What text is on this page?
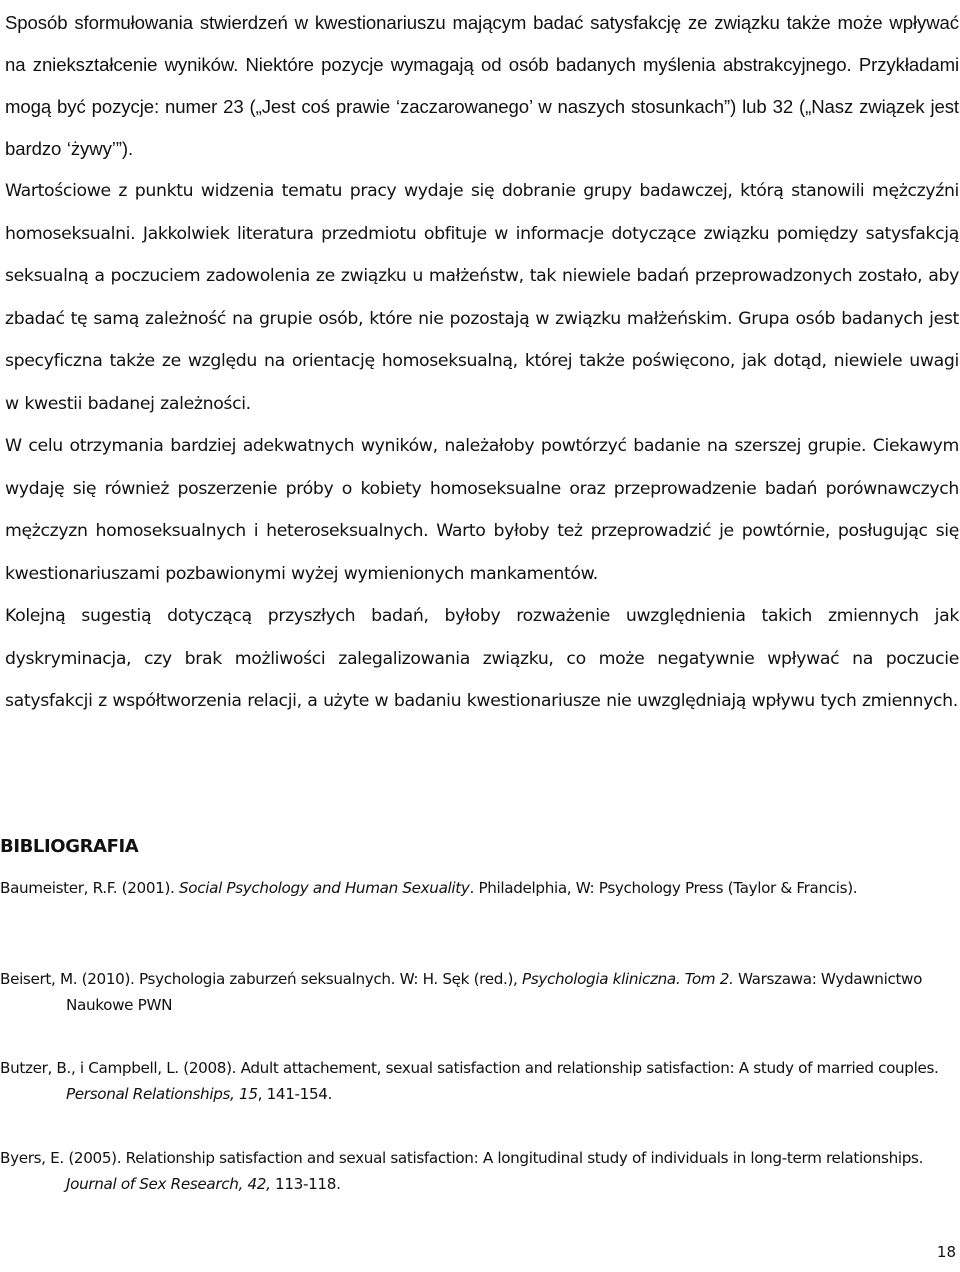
Sposób sformułowania stwierdzeń w kwestionariuszu mającym badać satysfakcję ze związku także może wpływać na zniekształcenie wyników. Niektóre pozycje wymagają od osób badanych myślenia abstrakcyjnego. Przykładami mogą być pozycje: numer 23 („Jest coś prawie ‘zaczarowanego’ w naszych stosunkach”) lub 32 („Nasz związek jest bardzo ‘żywy’”).

Wartościowe z punktu widzenia tematu pracy wydaje się dobranie grupy badawczej, którą stanowili mężczyźni homoseksualni. Jakkolwiek literatura przedmiotu obfituje w informacje dotyczące związku pomiędzy satysfakcją seksualną a poczuciem zadowolenia ze związku u małżeństw, tak niewiele badań przeprowadzonych zostało, aby zbadać tę samą zależność na grupie osób, które nie pozostają w związku małżeńskim. Grupa osób badanych jest specyficzna także ze względu na orientację homoseksualną, której także poświęcono, jak dotąd, niewiele uwagi w kwestii badanej zależności.

W celu otrzymania bardziej adekwatnych wyników, należałoby powtórzyć badanie na szerszej grupie. Ciekawym wydaję się również poszerzenie próby o kobiety homoseksualne oraz przeprowadzenie badań porównawczych mężczyzn homoseksualnych i heteroseksualnych. Warto byłoby też przeprowadzić je powtórnie, posługując się kwestionariuszami pozbawionymi wyżej wymienionych mankamentów.

Kolejną sugestią dotyczącą przyszłych badań, byłoby rozważenie uwzględnienia takich zmiennych jak dyskryminacja, czy brak możliwości zalegalizowania związku, co może negatywnie wpływać na poczucie satysfakcji z współtworzenia relacji, a użyte w badaniu kwestionariusze nie uwzględniają wpływu tych zmiennych.

BIBLIOGRAFIA
Baumeister, R.F. (2001). Social Psychology and Human Sexuality. Philadelphia, W: Psychology Press (Taylor & Francis).
Beisert, M. (2010). Psychologia zaburzeń seksualnych. W: H. Sęk (red.), Psychologia kliniczna. Tom 2. Warszawa: Wydawnictwo Naukowe PWN
Butzer, B., i Campbell, L. (2008). Adult attachement, sexual satisfaction and relationship satisfaction: A study of married couples. Personal Relationships, 15, 141-154.
Byers, E. (2005). Relationship satisfaction and sexual satisfaction: A longitudinal study of individuals in long-term relationships. Journal of Sex Research, 42, 113-118.
18
